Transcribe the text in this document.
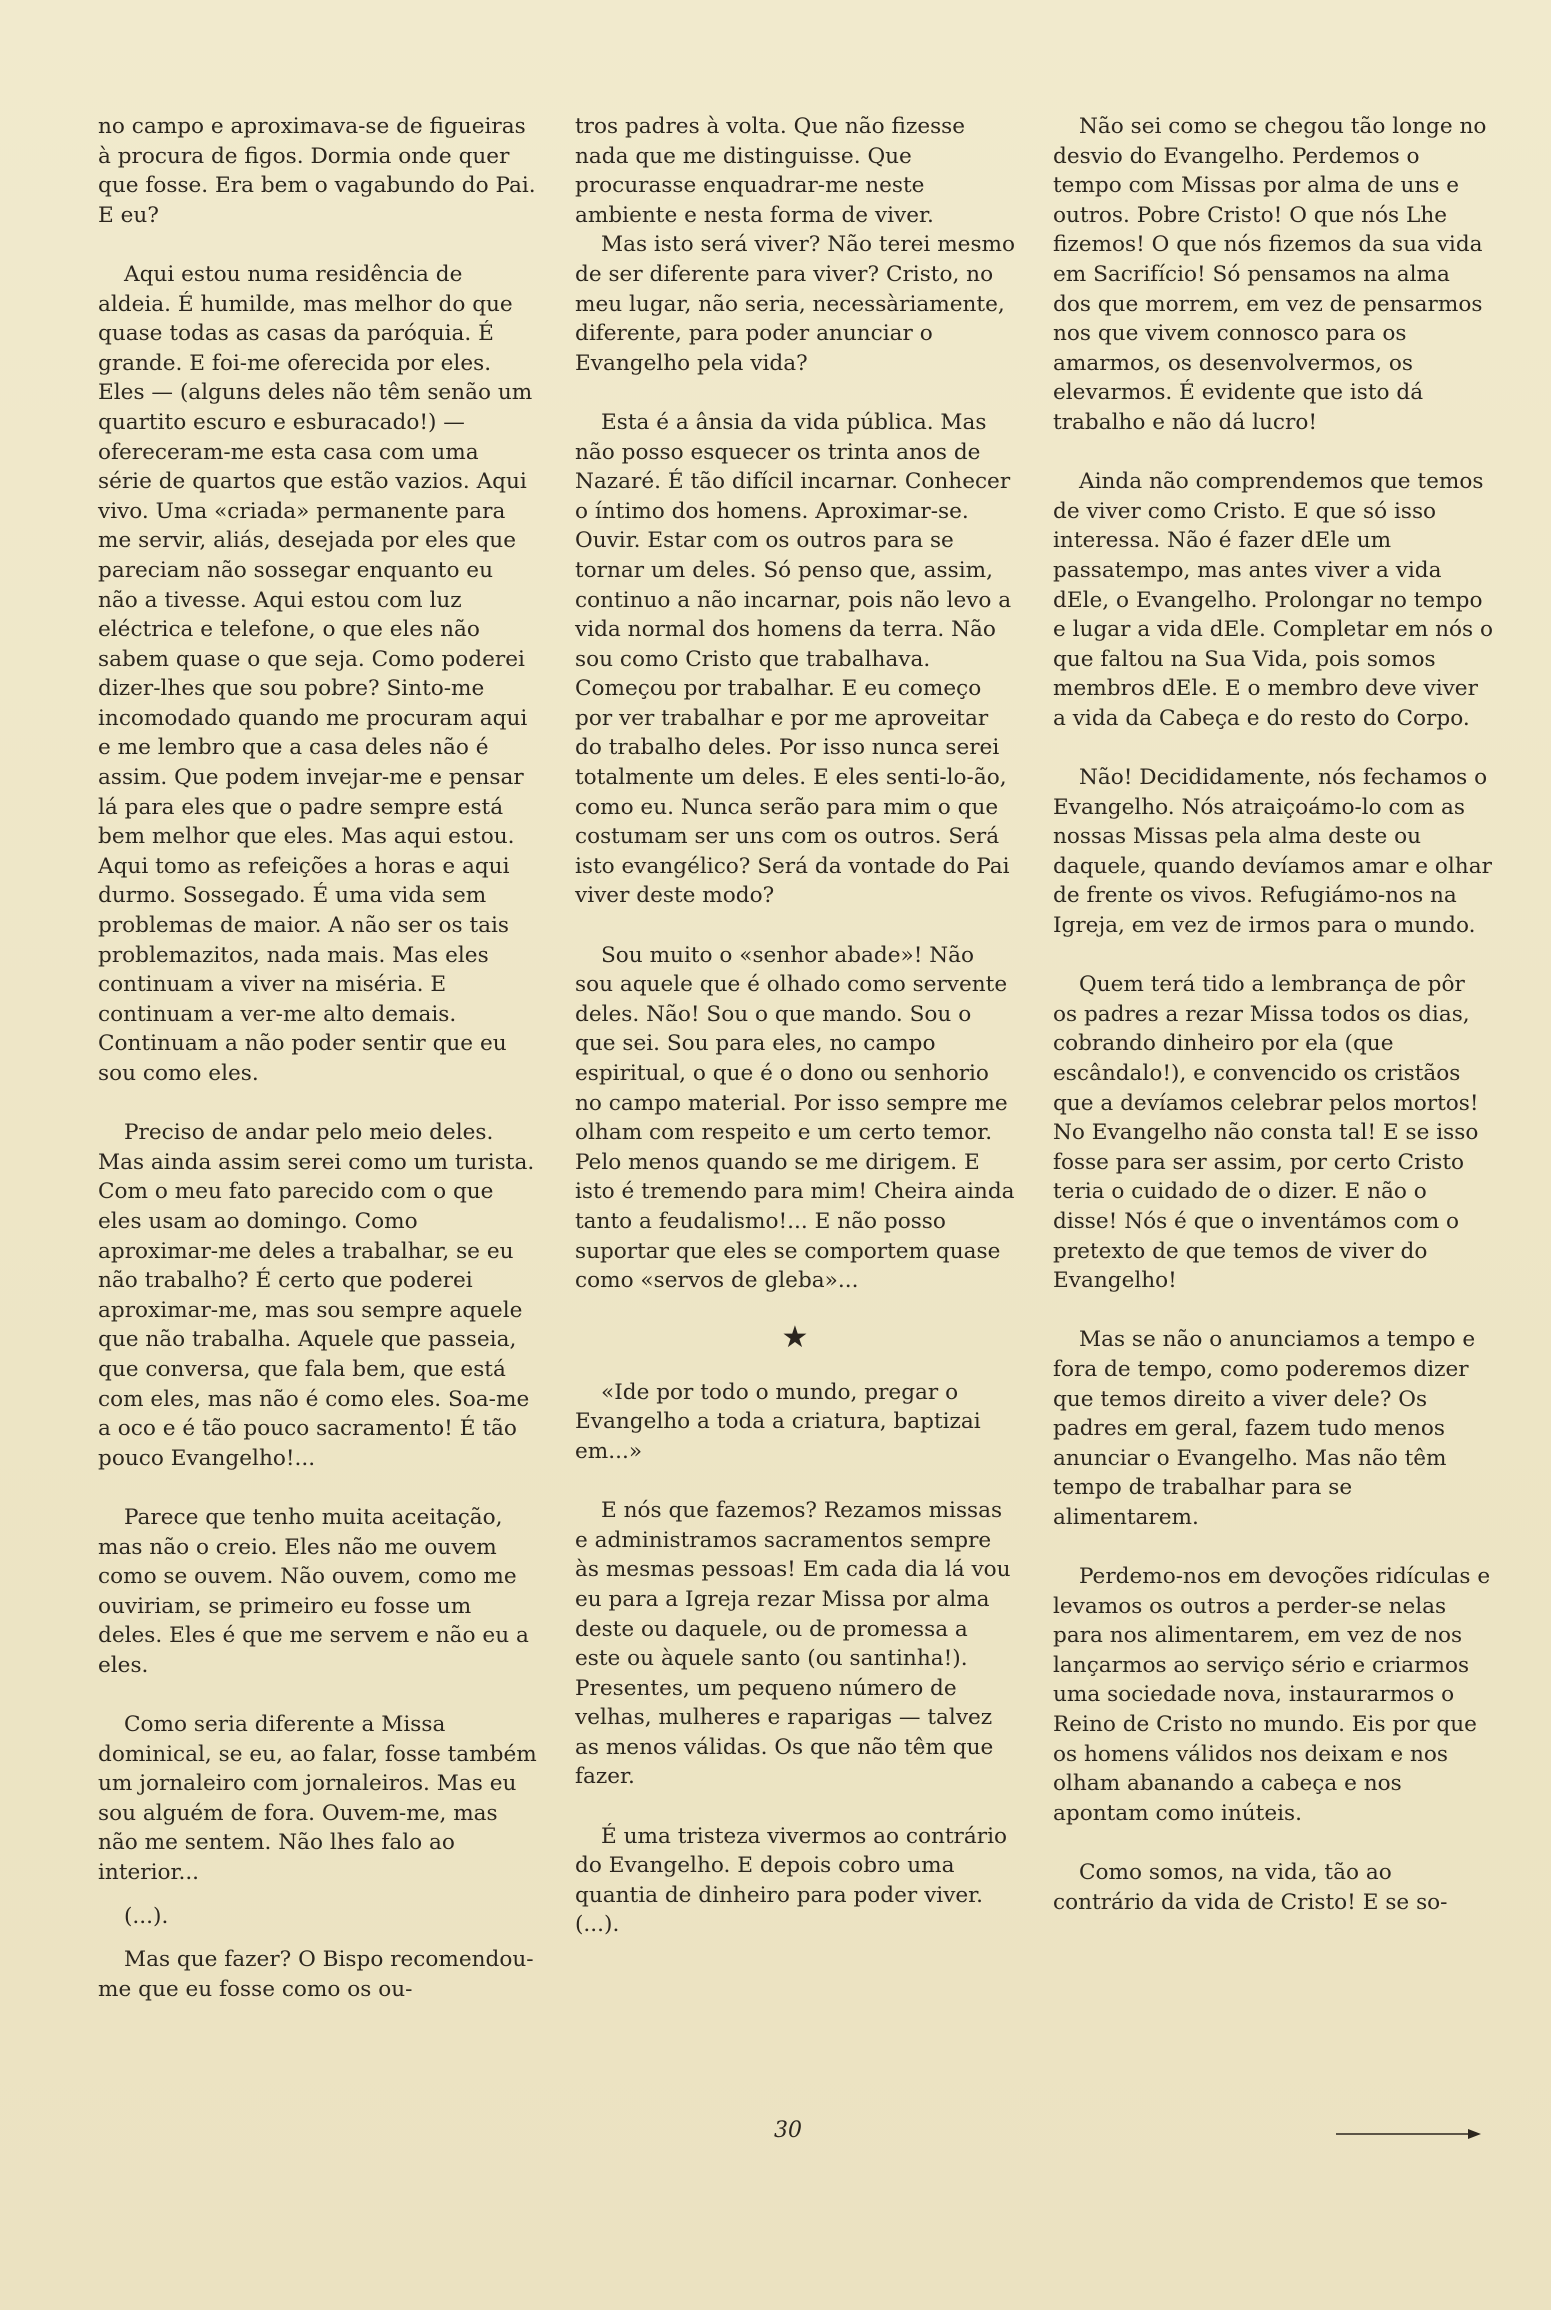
no campo e aproximava-se de figueiras à procura de figos. Dormia onde quer que fosse. Era bem o vagabundo do Pai. E eu?

Aqui estou numa residência de aldeia. É humilde, mas melhor do que quase todas as casas da paróquia. É grande. E foi-me oferecida por eles. Eles — (alguns deles não têm senão um quartito escuro e esburacado!) — ofereceram-me esta casa com uma série de quartos que estão vazios. Aqui vivo. Uma «criada» permanente para me servir, aliás, desejada por eles que pareciam não sossegar enquanto eu não a tivesse. Aqui estou com luz eléctrica e telefone, o que eles não sabem quase o que seja. Como poderei dizer-lhes que sou pobre? Sinto-me incomodado quando me procuram aqui e me lembro que a casa deles não é assim. Que podem invejar-me e pensar lá para eles que o padre sempre está bem melhor que eles. Mas aqui estou. Aqui tomo as refeições a horas e aqui durmo. Sossegado. É uma vida sem problemas de maior. A não ser os tais problemazitos, nada mais. Mas eles continuam a viver na miséria. E continuam a ver-me alto demais. Continuam a não poder sentir que eu sou como eles.

Preciso de andar pelo meio deles. Mas ainda assim serei como um turista. Com o meu fato parecido com o que eles usam ao domingo. Como aproximar-me deles a trabalhar, se eu não trabalho? É certo que poderei aproximar-me, mas sou sempre aquele que não trabalha. Aquele que passeia, que conversa, que fala bem, que está com eles, mas não é como eles. Soa-me a oco e é tão pouco sacramento! É tão pouco Evangelho!...

Parece que tenho muita aceitação, mas não o creio. Eles não me ouvem como se ouvem. Não ouvem, como me ouviriam, se primeiro eu fosse um deles. Eles é que me servem e não eu a eles.

Como seria diferente a Missa dominical, se eu, ao falar, fosse também um jornaleiro com jornaleiros. Mas eu sou alguém de fora. Ouvem-me, mas não me sentem. Não lhes falo ao interior...

(...).

Mas que fazer? O Bispo recomendou-me que eu fosse como os ou-

tros padres à volta. Que não fizesse nada que me distinguisse. Que procurasse enquadrar-me neste ambiente e nesta forma de viver.

Mas isto será viver? Não terei mesmo de ser diferente para viver? Cristo, no meu lugar, não seria, necessàriamente, diferente, para poder anunciar o Evangelho pela vida?

Esta é a ânsia da vida pública. Mas não posso esquecer os trinta anos de Nazaré. É tão difícil incarnar. Conhecer o íntimo dos homens. Aproximar-se. Ouvir. Estar com os outros para se tornar um deles. Só penso que, assim, continuo a não incarnar, pois não levo a vida normal dos homens da terra. Não sou como Cristo que trabalhava. Começou por trabalhar. E eu começo por ver trabalhar e por me aproveitar do trabalho deles. Por isso nunca serei totalmente um deles. E eles senti-lo-ão, como eu. Nunca serão para mim o que costumam ser uns com os outros. Será isto evangélico? Será da vontade do Pai viver deste modo?

Sou muito o «senhor abade»! Não sou aquele que é olhado como servente deles. Não! Sou o que mando. Sou o que sei. Sou para eles, no campo espiritual, o que é o dono ou senhorio no campo material. Por isso sempre me olham com respeito e um certo temor. Pelo menos quando se me dirigem. E isto é tremendo para mim! Cheira ainda tanto a feudalismo!... E não posso suportar que eles se comportem quase como «servos de gleba»...

★

«Ide por todo o mundo, pregar o Evangelho a toda a criatura, baptizai em...»

E nós que fazemos? Rezamos missas e administramos sacramentos sempre às mesmas pessoas! Em cada dia lá vou eu para a Igreja rezar Missa por alma deste ou daquele, ou de promessa a este ou àquele santo (ou santinha!). Presentes, um pequeno número de velhas, mulheres e raparigas — talvez as menos válidas. Os que não têm que fazer.

É uma tristeza vivermos ao contrário do Evangelho. E depois cobro uma quantia de dinheiro para poder viver. (...).

Não sei como se chegou tão longe no desvio do Evangelho. Perdemos o tempo com Missas por alma de uns e outros. Pobre Cristo! O que nós Lhe fizemos! O que nós fizemos da sua vida em Sacrifício! Só pensamos na alma dos que morrem, em vez de pensarmos nos que vivem connosco para os amarmos, os desenvolvermos, os elevarmos. É evidente que isto dá trabalho e não dá lucro!

Ainda não comprendemos que temos de viver como Cristo. E que só isso interessa. Não é fazer dEle um passatempo, mas antes viver a vida dEle, o Evangelho. Prolongar no tempo e lugar a vida dEle. Completar em nós o que faltou na Sua Vida, pois somos membros dEle. E o membro deve viver a vida da Cabeça e do resto do Corpo.

Não! Decididamente, nós fechamos o Evangelho. Nós atraiçoámo-lo com as nossas Missas pela alma deste ou daquele, quando devíamos amar e olhar de frente os vivos. Refugiámo-nos na Igreja, em vez de irmos para o mundo.

Quem terá tido a lembrança de pôr os padres a rezar Missa todos os dias, cobrando dinheiro por ela (que escândalo!), e convencido os cristãos que a devíamos celebrar pelos mortos! No Evangelho não consta tal! E se isso fosse para ser assim, por certo Cristo teria o cuidado de o dizer. E não o disse! Nós é que o inventámos com o pretexto de que temos de viver do Evangelho!

Mas se não o anunciamos a tempo e fora de tempo, como poderemos dizer que temos direito a viver dele? Os padres em geral, fazem tudo menos anunciar o Evangelho. Mas não têm tempo de trabalhar para se alimentarem.

Perdemo-nos em devoções ridículas e levamos os outros a perder-se nelas para nos alimentarem, em vez de nos lançarmos ao serviço sério e criarmos uma sociedade nova, instaurarmos o Reino de Cristo no mundo. Eis por que os homens válidos nos deixam e nos olham abanando a cabeça e nos apontam como inúteis.

Como somos, na vida, tão ao contrário da vida de Cristo! E se so-

30
